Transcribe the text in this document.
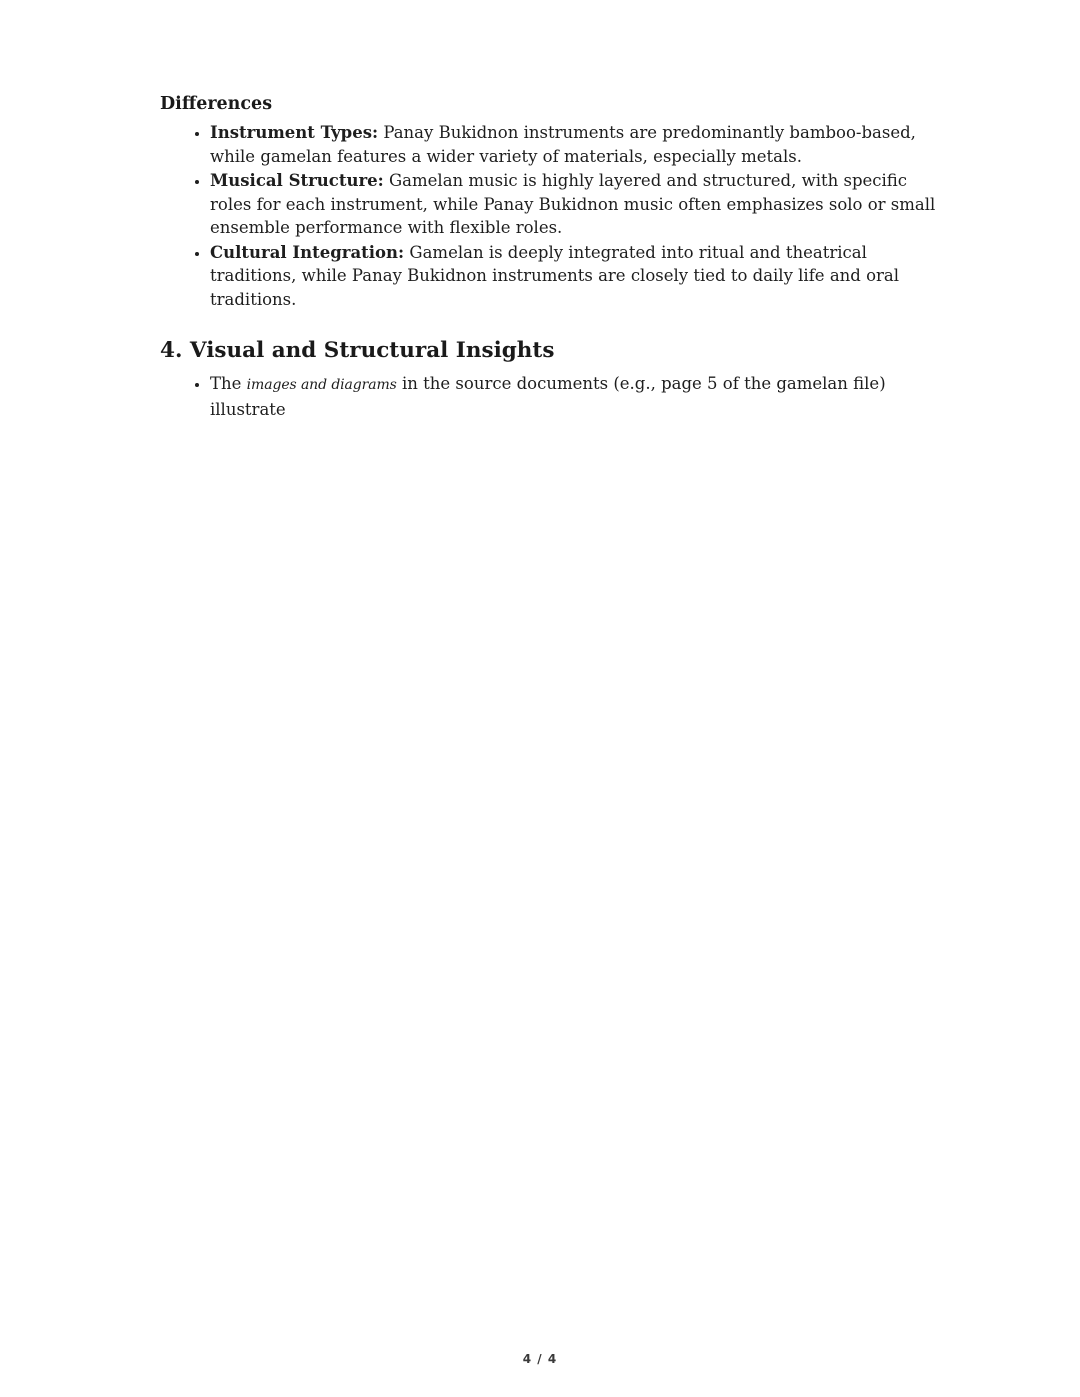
Differences
• Instrument Types: Panay Bukidnon instruments are predominantly bamboo-based, while gamelan features a wider variety of materials, especially metals.
• Musical Structure: Gamelan music is highly layered and structured, with specific roles for each instrument, while Panay Bukidnon music often emphasizes solo or small ensemble performance with flexible roles.
• Cultural Integration: Gamelan is deeply integrated into ritual and theatrical traditions, while Panay Bukidnon instruments are closely tied to daily life and oral traditions.
4. Visual and Structural Insights
• The images and diagrams in the source documents (e.g., page 5 of the gamelan file) illustrate
4 / 4
